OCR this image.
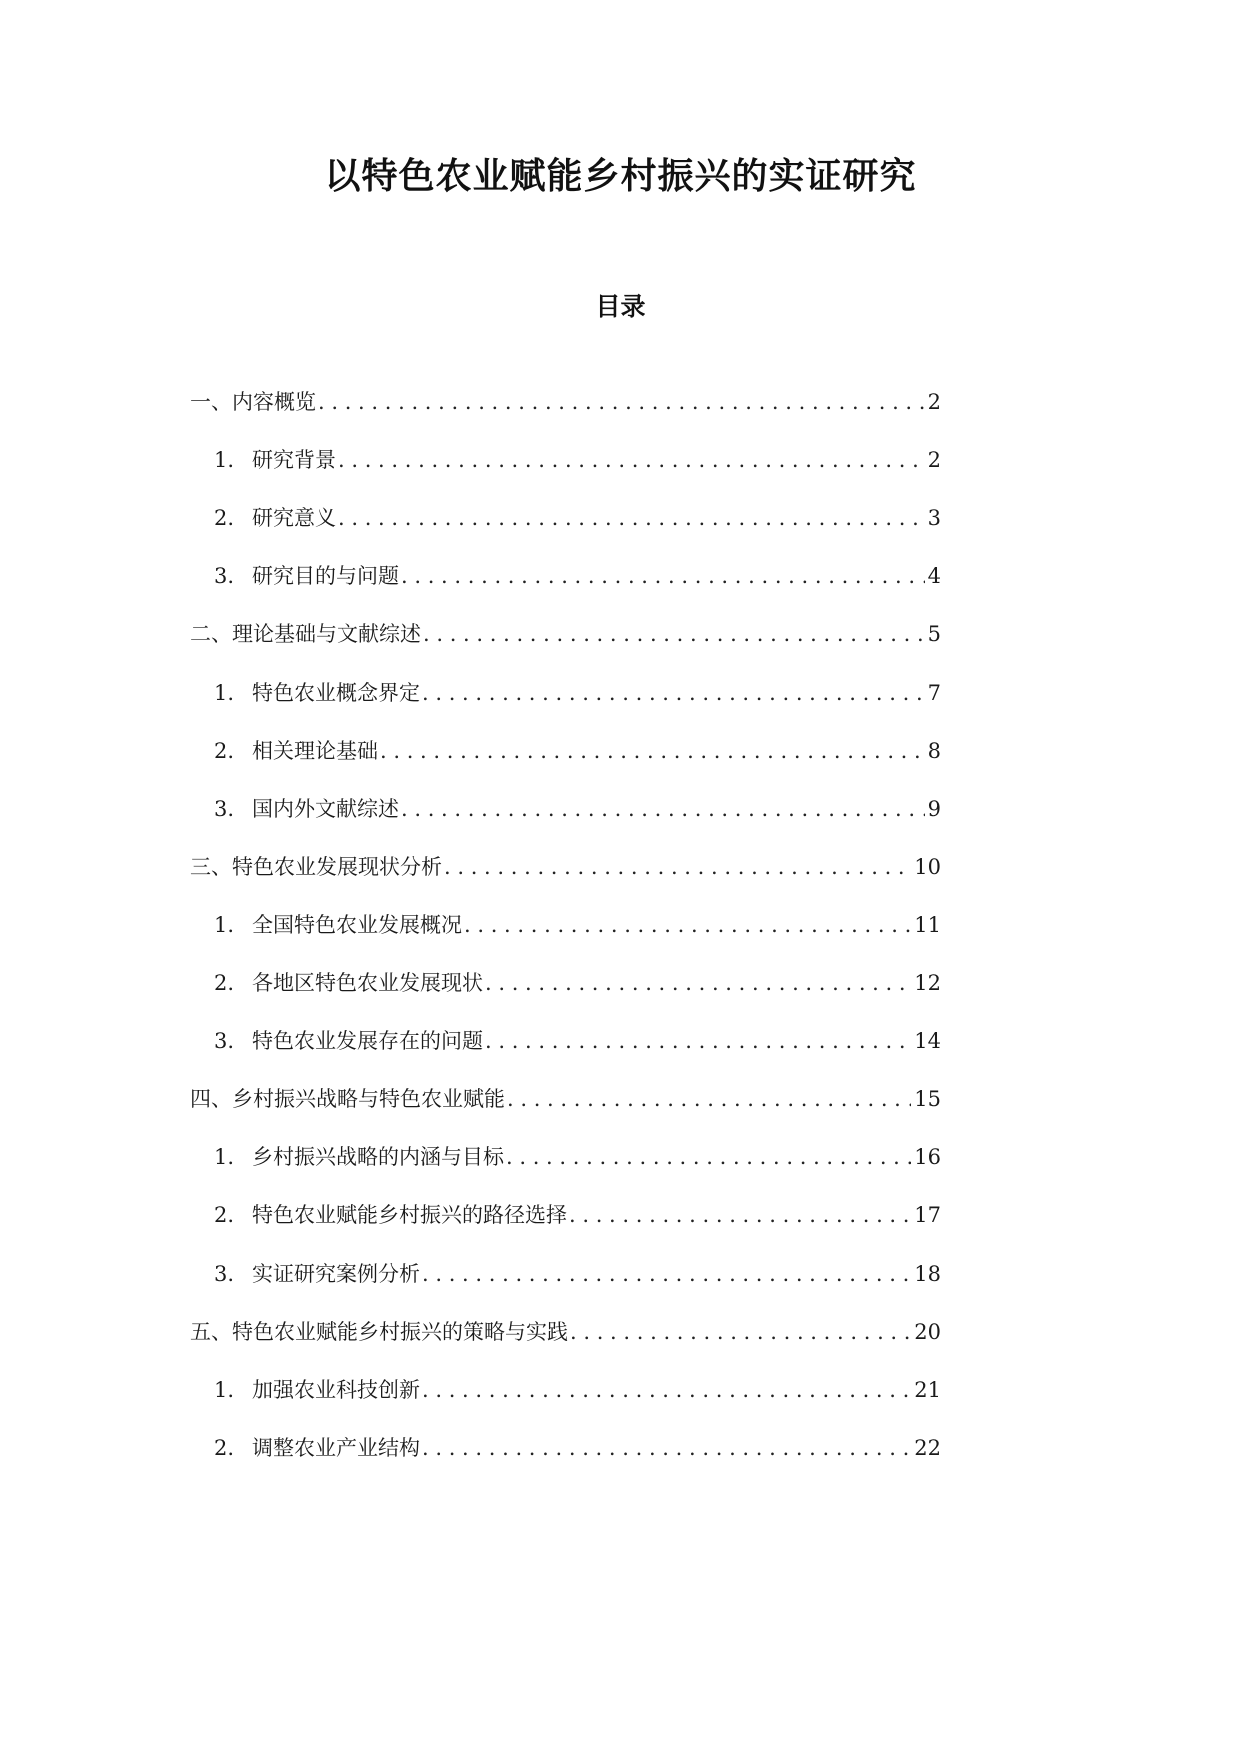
以特色农业赋能乡村振兴的实证研究
目录
一、内容概览 . . .	2
1. 研究背景 . . .	2
2. 研究意义 . . .	3
3. 研究目的与问题 . . .	4
二、理论基础与文献综述 . . .	5
1. 特色农业概念界定 . . .	7
2. 相关理论基础 . . .	8
3. 国内外文献综述 . . .	9
三、特色农业发展现状分析 . . .	10
1. 全国特色农业发展概况 . . .	11
2. 各地区特色农业发展现状 . . .	12
3. 特色农业发展存在的问题 . . .	14
四、乡村振兴战略与特色农业赋能 . . .	15
1. 乡村振兴战略的内涵与目标 . . .	16
2. 特色农业赋能乡村振兴的路径选择 . . .	17
3. 实证研究案例分析 . . .	18
五、特色农业赋能乡村振兴的策略与实践 . . .	20
1. 加强农业科技创新 . . .	21
2. 调整农业产业结构 . . .	22
